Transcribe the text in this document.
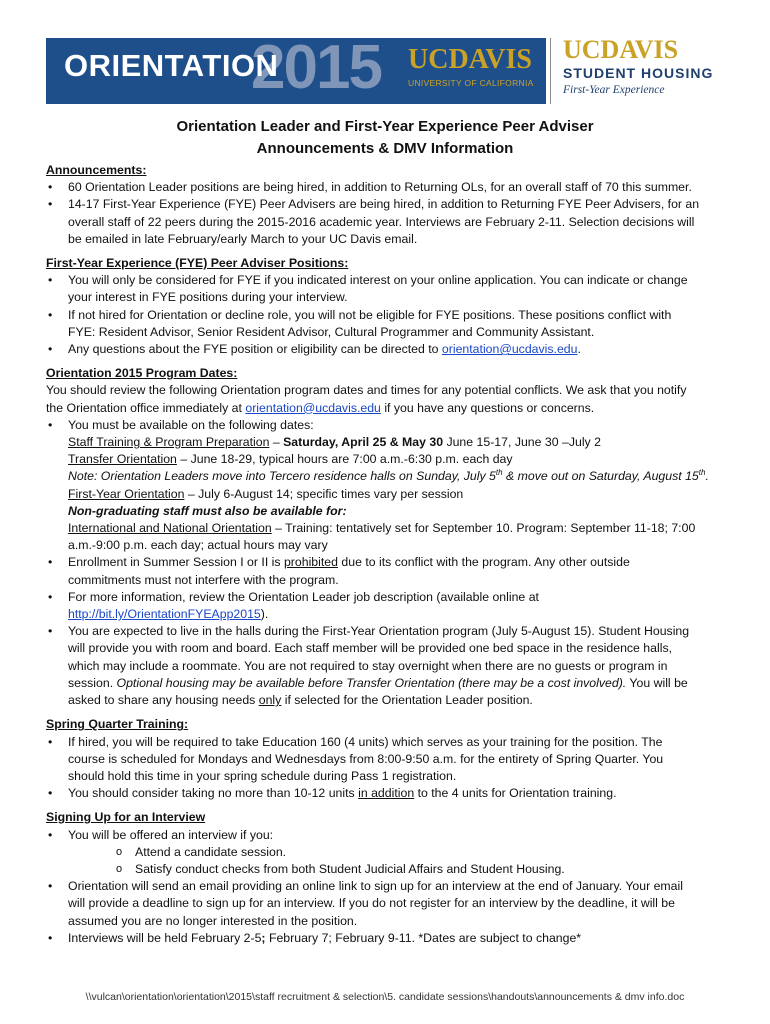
2015
ORIENTATION	UCDAVIS
UNIVERSITY OF CALIFORNIA
UCDAVIS
STUDENT HOUSING
First-Year Experience
Orientation Leader and First-Year Experience Peer Adviser
Announcements & DMV Information
Announcements:
• 60 Orientation Leader positions are being hired, in addition to Returning OLs, for an overall staff of 70 this summer.
• 14-17 First-Year Experience (FYE) Peer Advisers are being hired, in addition to Returning FYE Peer Advisers, for an
overall staff of 22 peers during the 2015-2016 academic year. Interviews are February 2-11. Selection decisions will
be emailed in late February/early March to your UC Davis email.
First-Year Experience (FYE) Peer Adviser Positions:
• You will only be considered for FYE if you indicated interest on your online application. You can indicate or change
your interest in FYE positions during your interview.
• If not hired for Orientation or decline role, you will not be eligible for FYE positions. These positions conflict with
FYE: Resident Advisor, Senior Resident Advisor, Cultural Programmer and Community Assistant.
• Any questions about the FYE position or eligibility can be directed to orientation@ucdavis.edu.
Orientation 2015 Program Dates:
You should review the following Orientation program dates and times for any potential conflicts. We ask that you notify
the Orientation office immediately at orientation@ucdavis.edu if you have any questions or concerns.
• You must be available on the following dates:
Staff Training & Program Preparation – Saturday, April 25 & May 30 June 15-17, June 30 –July 2
Transfer Orientation – June 18-29, typical hours are 7:00 a.m.-6:30 p.m. each day
Note: Orientation Leaders move into Tercero residence halls on Sunday, July 5th & move out on Saturday, August 15th.
First-Year Orientation – July 6-August 14; specific times vary per session
Non-graduating staff must also be available for:
International and National Orientation – Training: tentatively set for September 10. Program: September 11-18; 7:00
a.m.-9:00 p.m. each day; actual hours may vary
• Enrollment in Summer Session I or II is prohibited due to its conflict with the program. Any other outside
commitments must not interfere with the program.
• For more information, review the Orientation Leader job description (available online at
http://bit.ly/OrientationFYEApp2015).
• You are expected to live in the halls during the First-Year Orientation program (July 5-August 15). Student Housing
will provide you with room and board. Each staff member will be provided one bed space in the residence halls,
which may include a roommate. You are not required to stay overnight when there are no guests or program in
session. Optional housing may be available before Transfer Orientation (there may be a cost involved). You will be
asked to share any housing needs only if selected for the Orientation Leader position.
Spring Quarter Training:
• If hired, you will be required to take Education 160 (4 units) which serves as your training for the position. The
course is scheduled for Mondays and Wednesdays from 8:00-9:50 a.m. for the entirety of Spring Quarter. You
should hold this time in your spring schedule during Pass 1 registration.
• You should consider taking no more than 10-12 units in addition to the 4 units for Orientation training.
Signing Up for an Interview
• You will be offered an interview if you:
o Attend a candidate session.
o Satisfy conduct checks from both Student Judicial Affairs and Student Housing.
• Orientation will send an email providing an online link to sign up for an interview at the end of January. Your email
will provide a deadline to sign up for an interview. If you do not register for an interview by the deadline, it will be
assumed you are no longer interested in the position.
• Interviews will be held February 2-5; February 7; February 9-11. *Dates are subject to change*
\\vulcan\orientation\orientation\2015\staff recruitment & selection\5. candidate sessions\handouts\announcements & dmv info.doc
